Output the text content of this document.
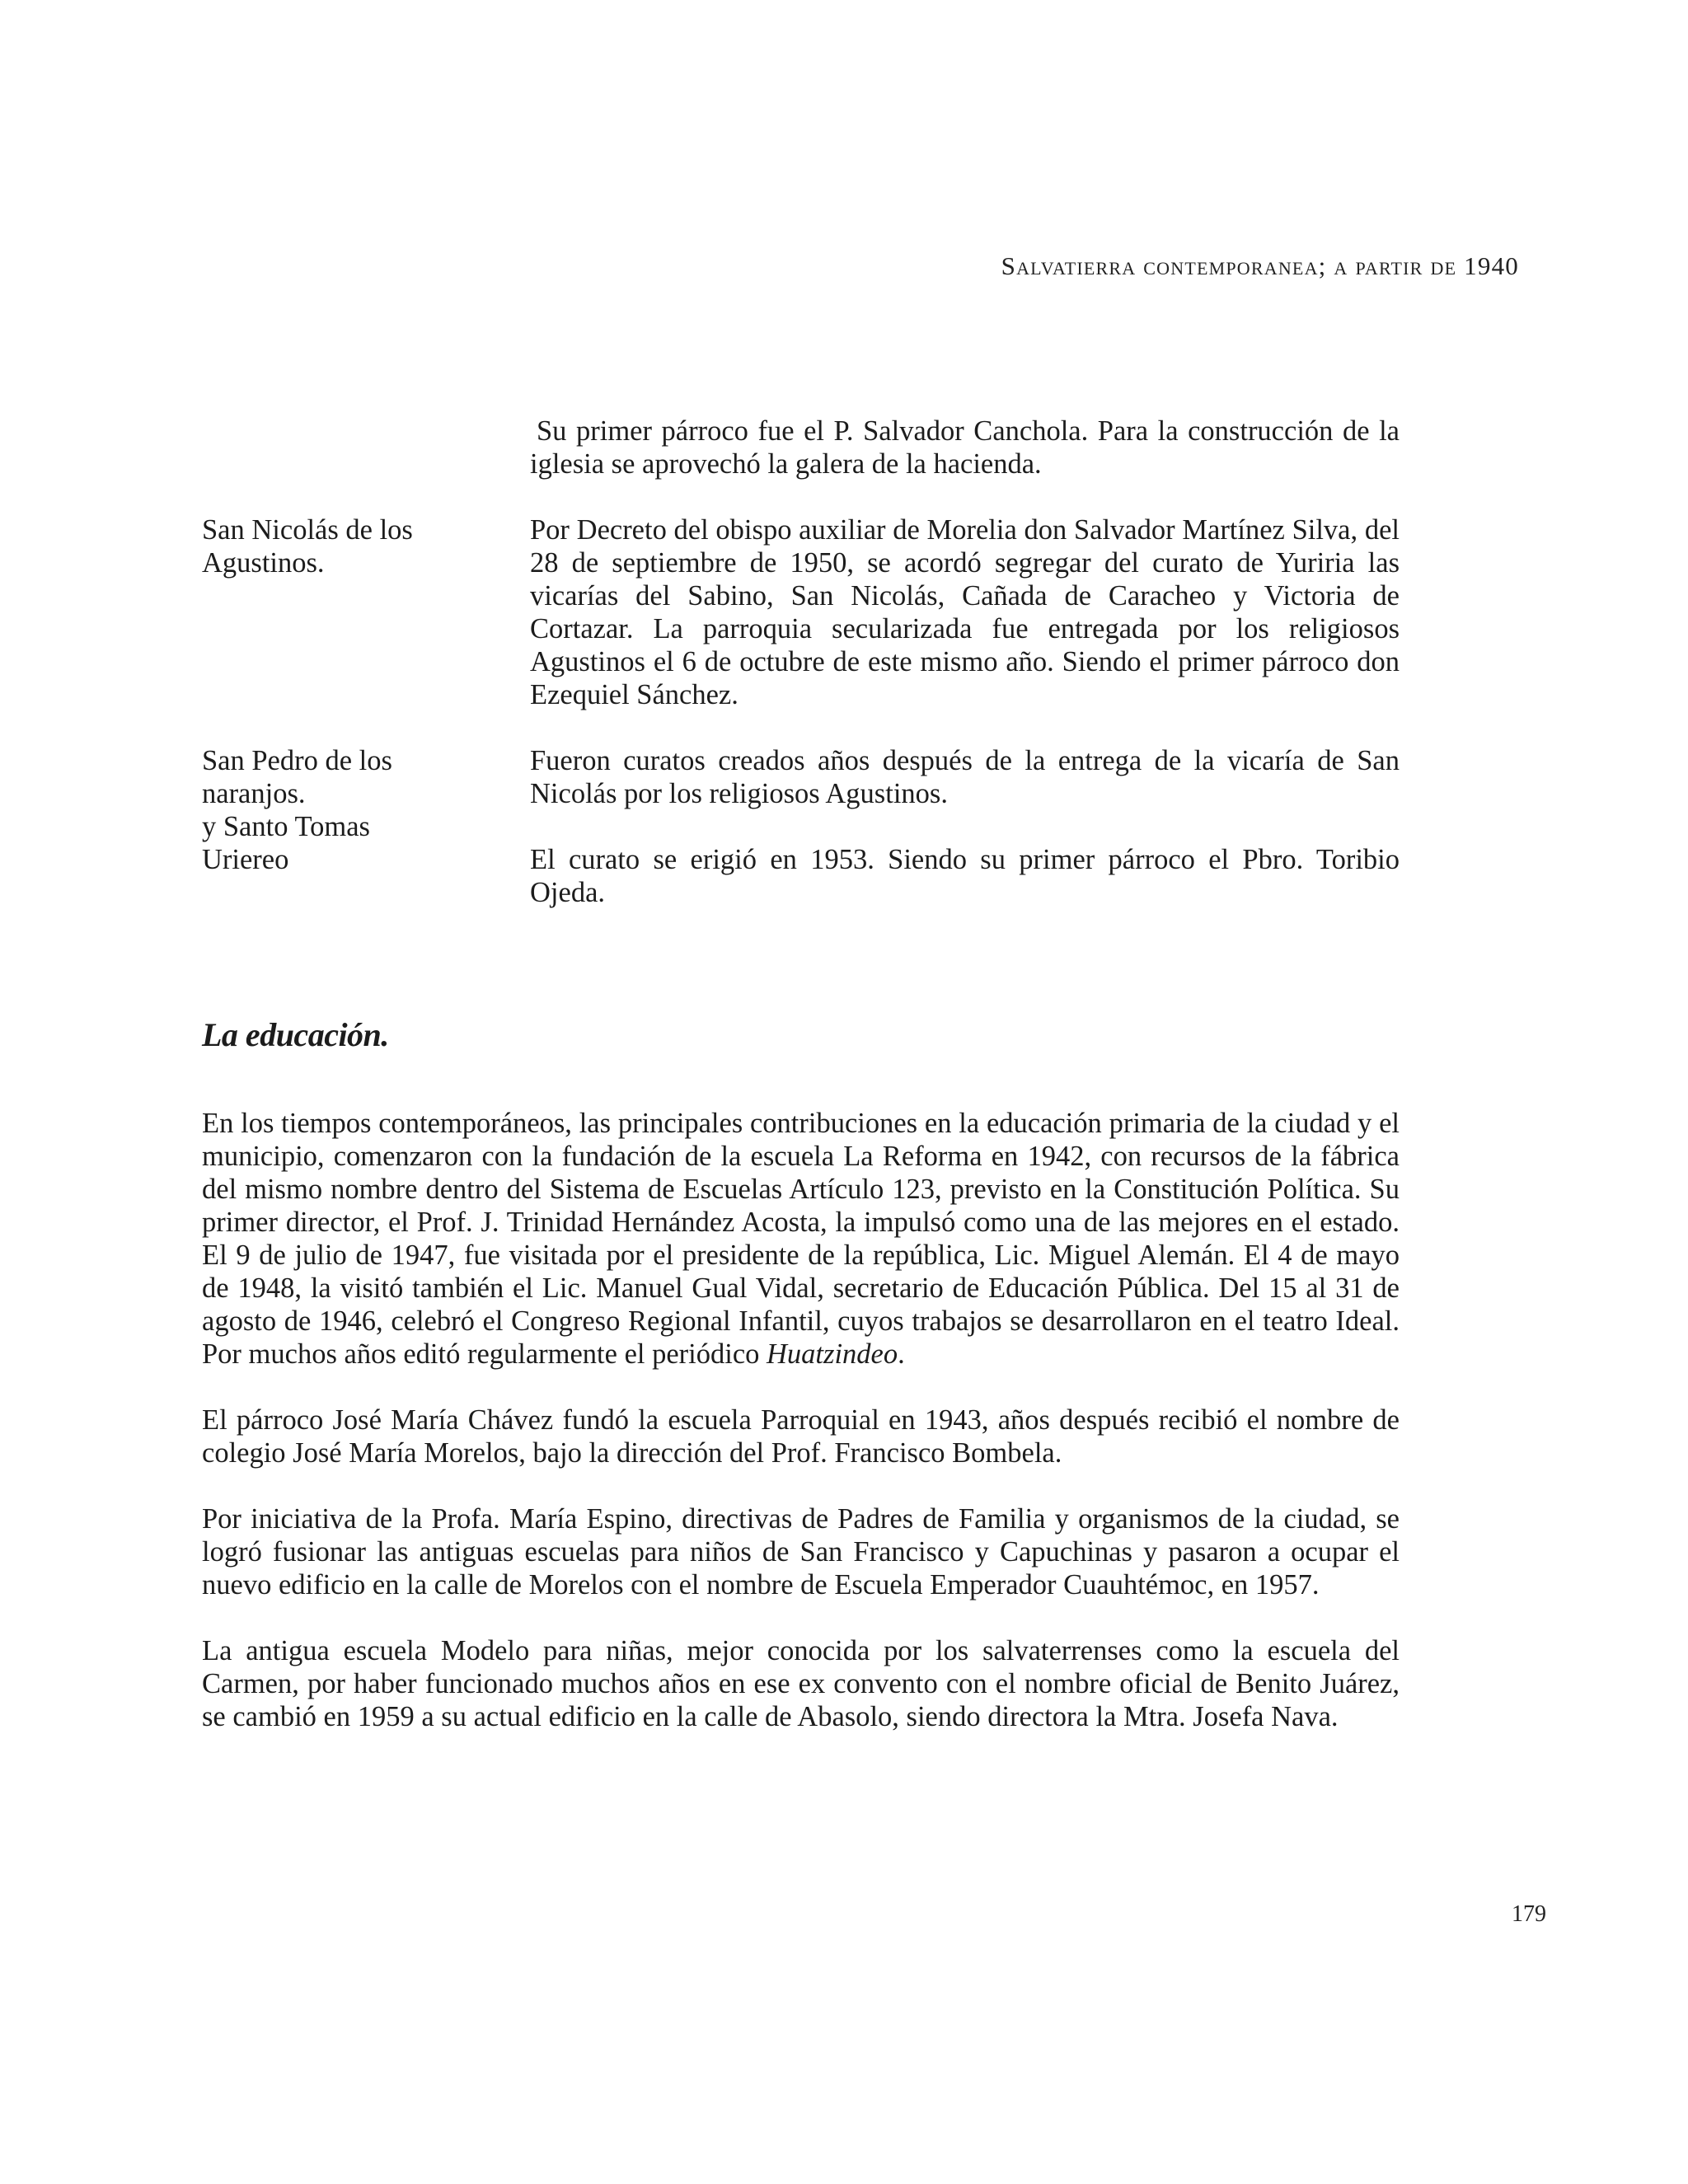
Salvatierra contemporanea; a partir de 1940

Su primer párroco fue el P. Salvador Canchola. Para la construcción de la iglesia se aprovechó la galera de la hacienda.

San Nicolás de los Agustinos.

Por Decreto del obispo auxiliar de Morelia don Salvador Martínez Silva, del 28 de septiembre de 1950, se acordó segregar del curato de Yuriria las vicarías del Sabino, San Nicolás, Cañada de Caracheo y Victoria de Cortazar. La parroquia secularizada fue entregada por los religiosos Agustinos el 6 de octubre de este mismo año. Siendo el primer párroco don Ezequiel Sánchez.

San Pedro de los
naranjos.
y Santo Tomas
Uriereo

Fueron curatos creados años después de la entrega de la vicaría de San Nicolás por los religiosos Agustinos.

El curato se erigió en 1953. Siendo su primer párroco el Pbro. Toribio Ojeda.

La educación.

En los tiempos contemporáneos, las principales contribuciones en la educación primaria de la ciudad y el municipio, comenzaron con la fundación de la escuela La Reforma en 1942, con recursos de la fábrica del mismo nombre dentro del Sistema de Escuelas Artículo 123, previsto en la Constitución Política. Su primer director, el Prof. J. Trinidad Hernández Acosta, la impulsó como una de las mejores en el estado. El 9 de julio de 1947, fue visitada por el presidente de la república, Lic. Miguel Alemán. El 4 de mayo de 1948, la visitó también el Lic. Manuel Gual Vidal, secretario de Educación Pública. Del 15 al 31 de agosto de 1946, celebró el Congreso Regional Infantil, cuyos trabajos se desarrollaron en el teatro Ideal. Por muchos años editó regularmente el periódico Huatzindeo.

El párroco José María Chávez fundó la escuela Parroquial en 1943, años después recibió el nombre de colegio José María Morelos, bajo la dirección del Prof. Francisco Bombela.

Por iniciativa de la Profa. María Espino, directivas de Padres de Familia y organismos de la ciudad, se logró fusionar las antiguas escuelas para niños de San Francisco y Capuchinas y pasaron a ocupar el nuevo edificio en la calle de Morelos con el nombre de Escuela Emperador Cuauhtémoc, en 1957.

La antigua escuela Modelo para niñas, mejor conocida por los salvaterrenses como la escuela del Carmen, por haber funcionado muchos años en ese ex convento con el nombre oficial de Benito Juárez, se cambió en 1959 a su actual edificio en la calle de Abasolo, siendo directora la Mtra. Josefa Nava.

179
